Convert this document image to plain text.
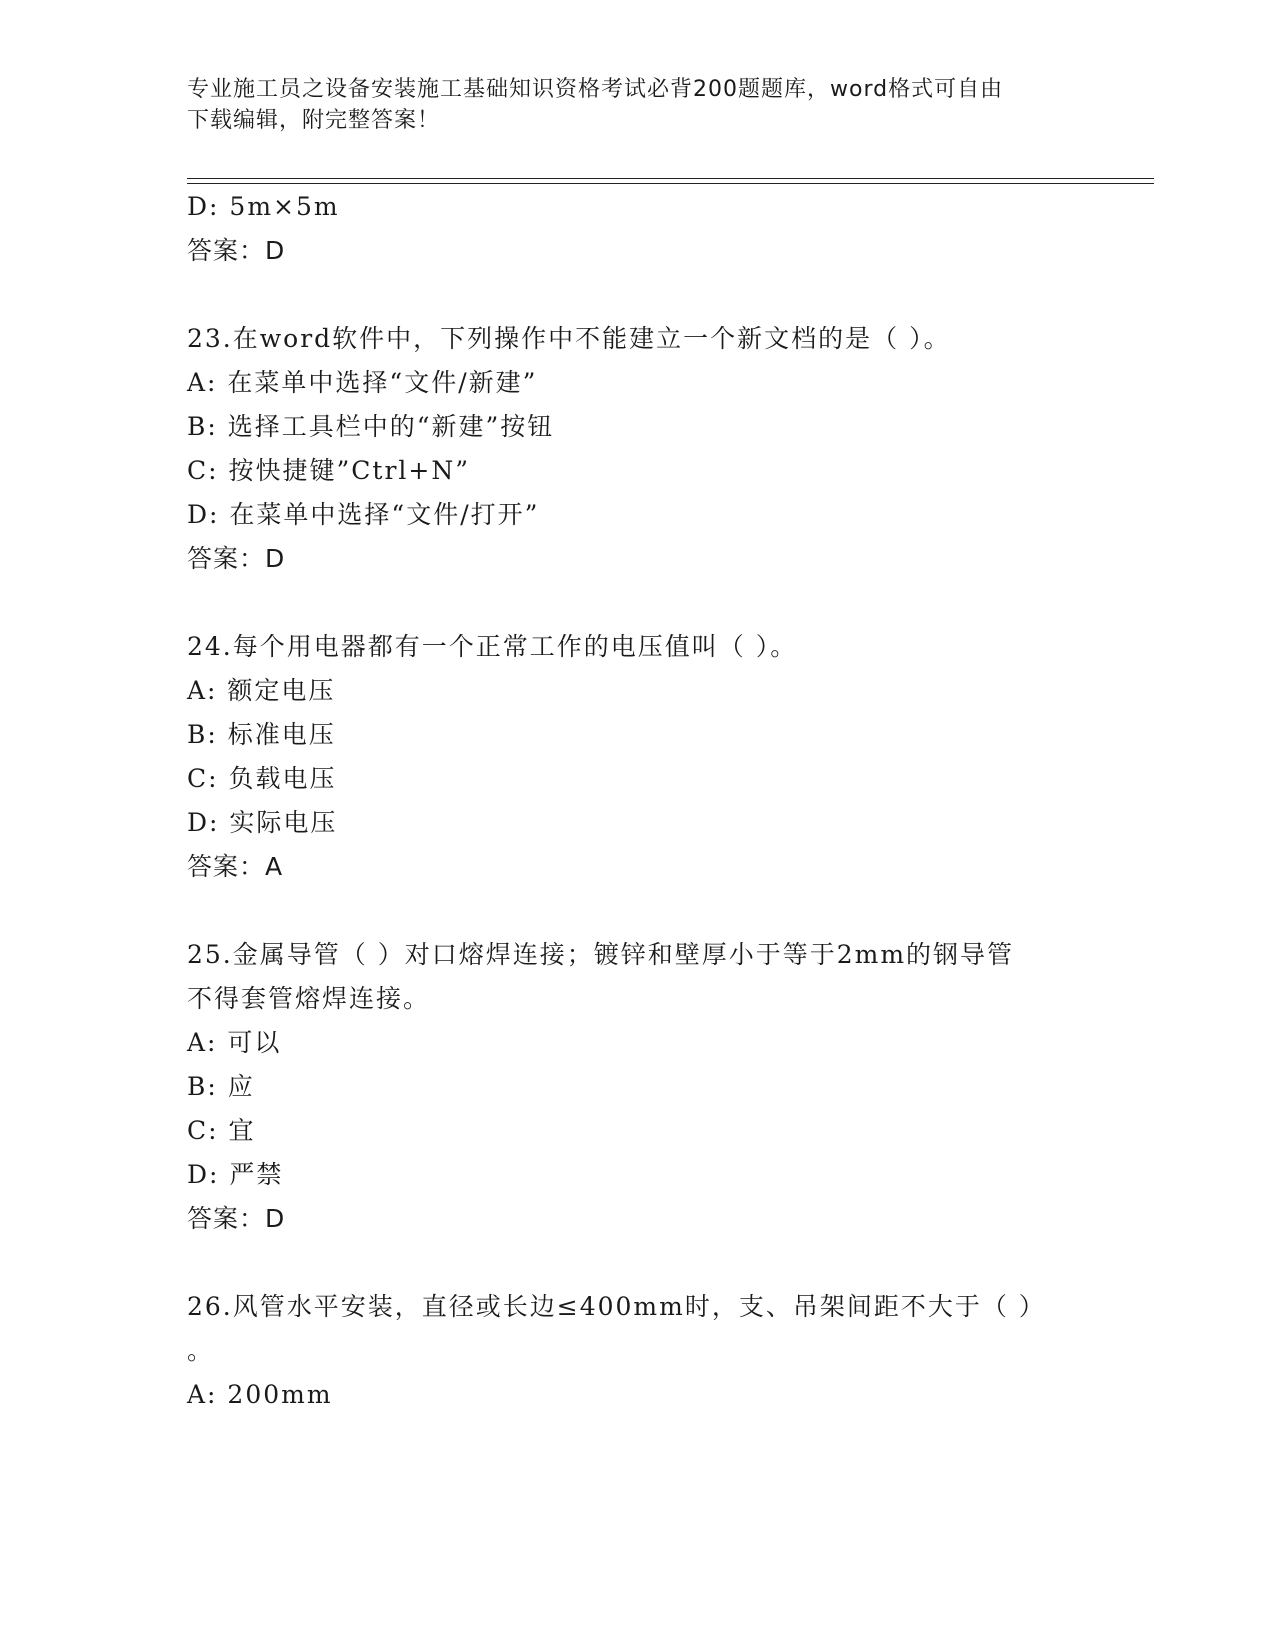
专业施工员之设备安装施工基础知识资格考试必背200题题库，word格式可自由
下载编辑，附完整答案！
D: 5m×5m
答案：D
23.在word软件中，下列操作中不能建立一个新文档的是（ ）。
A: 在菜单中选择“文件/新建”
B: 选择工具栏中的“新建”按钮
C: 按快捷键”Ctrl+N”
D: 在菜单中选择“文件/打开”
答案：D
24.每个用电器都有一个正常工作的电压值叫（ ）。
A: 额定电压
B: 标准电压
C: 负载电压
D: 实际电压
答案：A
25.金属导管（ ）对口熔焊连接；镀锌和壁厚小于等于2mm的钢导管
不得套管熔焊连接。
A: 可以
B: 应
C: 宜
D: 严禁
答案：D
26.风管水平安装，直径或长边≤400mm时，支、吊架间距不大于（ ）
。
A: 200mm
